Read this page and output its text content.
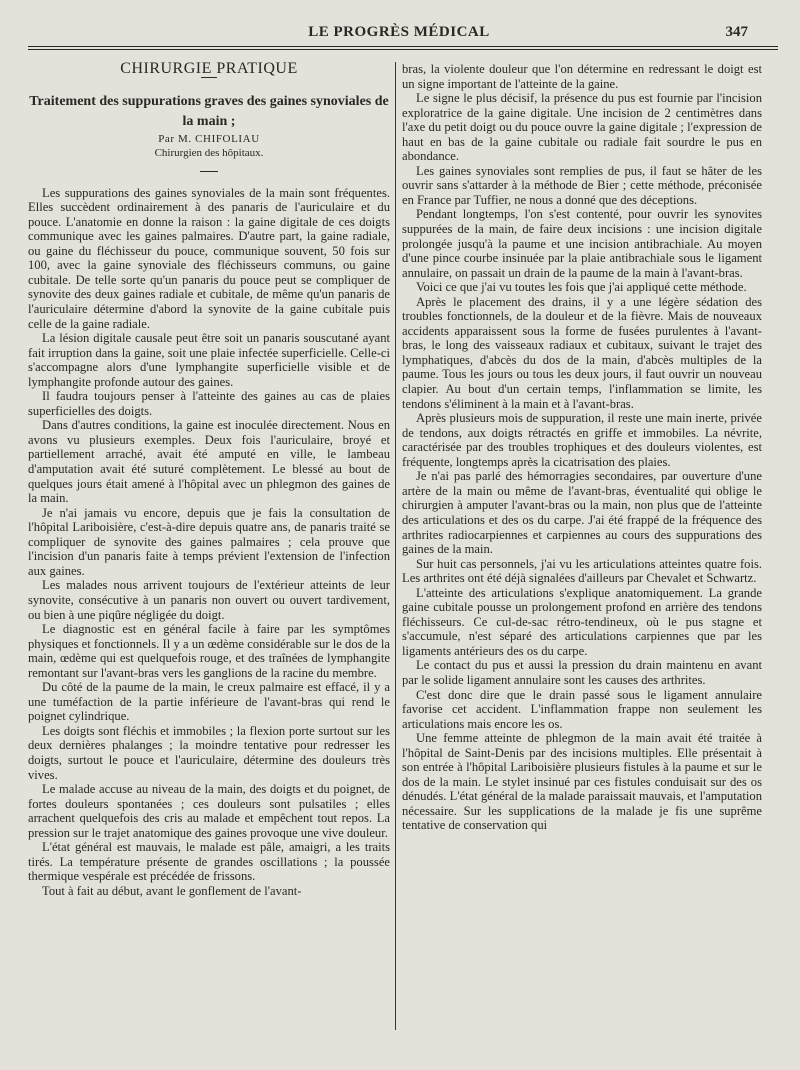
LE PROGRÈS MÉDICAL	347

CHIRURGIE PRATIQUE

Traitement des suppurations graves des gaines synoviales de la main ;

Par M. CHIFOLIAU

Chirurgien des hôpitaux.

Les suppurations des gaines synoviales de la main sont fréquentes. Elles succèdent ordinairement à des panaris de l'auriculaire et du pouce. L'anatomie en donne la raison : la gaine digitale de ces doigts communique avec les gaines palmaires. D'autre part, la gaine radiale, ou gaine du fléchisseur du pouce, communique souvent, 50 fois sur 100, avec la gaine synoviale des fléchisseurs communs, ou gaine cubitale. De telle sorte qu'un panaris du pouce peut se compliquer de synovite des deux gaines radiale et cubitale, de même qu'un panaris de l'auriculaire détermine d'abord la synovite de la gaine cubitale puis celle de la gaine radiale.

La lésion digitale causale peut être soit un panaris souscutané ayant fait irruption dans la gaine, soit une plaie infectée superficielle. Celle-ci s'accompagne alors d'une lymphangite superficielle visible et de lymphangite profonde autour des gaines.

Il faudra toujours penser à l'atteinte des gaines au cas de plaies superficielles des doigts.

Dans d'autres conditions, la gaine est inoculée directement. Nous en avons vu plusieurs exemples. Deux fois l'auriculaire, broyé et partiellement arraché, avait été amputé en ville, le lambeau d'amputation avait été suturé complètement. Le blessé au bout de quelques jours était amené à l'hôpital avec un phlegmon des gaines de la main.

Je n'ai jamais vu encore, depuis que je fais la consultation de l'hôpital Lariboisière, c'est-à-dire depuis quatre ans, de panaris traité se compliquer de synovite des gaines palmaires ; cela prouve que l'incision d'un panaris faite à temps prévient l'extension de l'infection aux gaines.

Les malades nous arrivent toujours de l'extérieur atteints de leur synovite, consécutive à un panaris non ouvert ou ouvert tardivement, ou bien à une piqûre négligée du doigt.

Le diagnostic est en général facile à faire par les symptômes physiques et fonctionnels. Il y a un œdème considérable sur le dos de la main, œdème qui est quelquefois rouge, et des traînées de lymphangite remontant sur l'avant-bras vers les ganglions de la racine du membre.

Du côté de la paume de la main, le creux palmaire est effacé, il y a une tuméfaction de la partie inférieure de l'avant-bras qui rend le poignet cylindrique.

Les doigts sont fléchis et immobiles ; la flexion porte surtout sur les deux dernières phalanges ; la moindre tentative pour redresser les doigts, surtout le pouce et l'auriculaire, détermine des douleurs très vives.

Le malade accuse au niveau de la main, des doigts et du poignet, de fortes douleurs spontanées ; ces douleurs sont pulsatiles ; elles arrachent quelquefois des cris au malade et empêchent tout repos. La pression sur le trajet anatomique des gaines provoque une vive douleur.

L'état général est mauvais, le malade est pâle, amaigri, a les traits tirés. La température présente de grandes oscillations ; la poussée thermique vespérale est précédée de frissons.

Tout à fait au début, avant le gonflement de l'avant-

bras, la violente douleur que l'on détermine en redressant le doigt est un signe important de l'atteinte de la gaine.

Le signe le plus décisif, la présence du pus est fournie par l'incision exploratrice de la gaine digitale. Une incision de 2 centimètres dans l'axe du petit doigt ou du pouce ouvre la gaine digitale ; l'expression de haut en bas de la gaine cubitale ou radiale fait sourdre le pus en abondance.

Les gaines synoviales sont remplies de pus, il faut se hâter de les ouvrir sans s'attarder à la méthode de Bier ; cette méthode, préconisée en France par Tuffier, ne nous a donné que des déceptions.

Pendant longtemps, l'on s'est contenté, pour ouvrir les synovites suppurées de la main, de faire deux incisions : une incision digitale prolongée jusqu'à la paume et une incision antibrachiale. Au moyen d'une pince courbe insinuée par la plaie antibrachiale sous le ligament annulaire, on passait un drain de la paume de la main à l'avant-bras.

Voici ce que j'ai vu toutes les fois que j'ai appliqué cette méthode.

Après le placement des drains, il y a une légère sédation des troubles fonctionnels, de la douleur et de la fièvre. Mais de nouveaux accidents apparaissent sous la forme de fusées purulentes à l'avant-bras, le long des vaisseaux radiaux et cubitaux, suivant le trajet des lymphatiques, d'abcès du dos de la main, d'abcès multiples de la paume. Tous les jours ou tous les deux jours, il faut ouvrir un nouveau clapier. Au bout d'un certain temps, l'inflammation se limite, les tendons s'éliminent à la main et à l'avant-bras.

Après plusieurs mois de suppuration, il reste une main inerte, privée de tendons, aux doigts rétractés en griffe et immobiles. La névrite, caractérisée par des troubles trophiques et des douleurs violentes, est fréquente, longtemps après la cicatrisation des plaies.

Je n'ai pas parlé des hémorragies secondaires, par ouverture d'une artère de la main ou même de l'avant-bras, éventualité qui oblige le chirurgien à amputer l'avant-bras ou la main, non plus que de l'atteinte des articulations et des os du carpe. J'ai été frappé de la fréquence des arthrites radiocarpiennes et carpiennes au cours des suppurations des gaines de la main.

Sur huit cas personnels, j'ai vu les articulations atteintes quatre fois. Les arthrites ont été déjà signalées d'ailleurs par Chevalet et Schwartz.

L'atteinte des articulations s'explique anatomiquement. La grande gaine cubitale pousse un prolongement profond en arrière des tendons fléchisseurs. Ce cul-de-sac rétro-tendineux, où le pus stagne et s'accumule, n'est séparé des articulations carpiennes que par les ligaments antérieurs des os du carpe.

Le contact du pus et aussi la pression du drain maintenu en avant par le solide ligament annulaire sont les causes des arthrites.

C'est donc dire que le drain passé sous le ligament annulaire favorise cet accident. L'inflammation frappe non seulement les articulations mais encore les os.

Une femme atteinte de phlegmon de la main avait été traitée à l'hôpital de Saint-Denis par des incisions multiples. Elle présentait à son entrée à l'hôpital Lariboisière plusieurs fistules à la paume et sur le dos de la main. Le stylet insinué par ces fistules conduisait sur des os dénudés. L'état général de la malade paraissait mauvais, et l'amputation nécessaire. Sur les supplications de la malade je fis une suprême tentative de conservation qui
